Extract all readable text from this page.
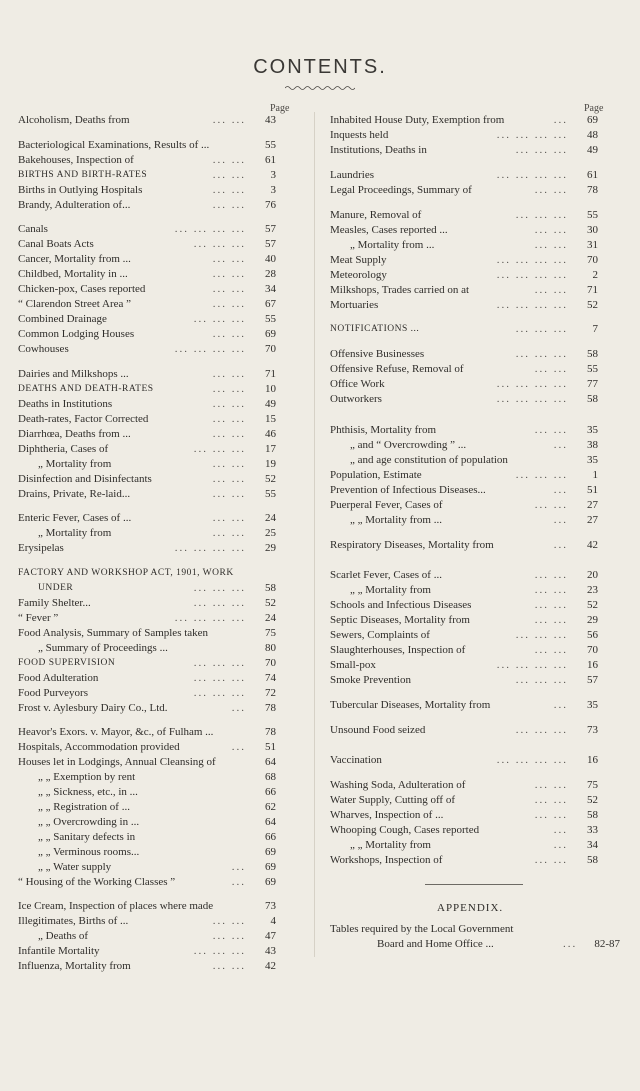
CONTENTS.
Page	Page
Alcoholism, Deaths from	... ... 43
Bacteriological Examinations, Results of ...	55
Bakehouses, Inspection of	... ... 61
BIRTHS AND BIRTH-RATES	... ... 3
Births in Outlying Hospitals	... ... 3
Brandy, Adulteration of...	... ... 76
Canals	... ... ... ... 57
Canal Boats Acts	... ... ... 57
Cancer, Mortality from ...	... ... 40
Childbed, Mortality in ...	... ... 28
Chicken-pox, Cases reported	... ... 34
“ Clarendon Street Area ”	... ... 67
Combined Drainage	... ... ... 55
Common Lodging Houses	... ... 69
Cowhouses	... ... ... ... 70
Dairies and Milkshops ...	... ... 71
DEATHS AND DEATH-RATES	... ... 10
Deaths in Institutions	... ... 49
Death-rates, Factor Corrected	... ... 15
Diarrhœa, Deaths from ...	... ... 46
Diphtheria, Cases of	... ... ... 17
„ Mortality from	... ... 19
Disinfection and Disinfectants	... ... 52
Drains, Private, Re-laid...	... ... 55
Enteric Fever, Cases of ...	... ... 24
„ Mortality from	... ... 25
Erysipelas	... ... ... ... 29
FACTORY AND WORKSHOP ACT, 1901, WORK
UNDER	... ... ... 58
Family Shelter...	... ... ... 52
“ Fever ”	... ... ... ... 24
Food Analysis, Summary of Samples taken	75
„ Summary of Proceedings ...	80
FOOD SUPERVISION	... ... ... 70
Food Adulteration	... ... ... 74
Food Purveyors	... ... ... 72
Frost v. Aylesbury Dairy Co., Ltd.	... 78
Heavor's Exors. v. Mayor, &c., of Fulham ...	78
Hospitals, Accommodation provided	... 51
Houses let in Lodgings, Annual Cleansing of	64
„ „ Exemption by rent	68
„ „ Sickness, etc., in ...	66
„ „ Registration of ...	62
„ „ Overcrowding in ...	64
„ „ Sanitary defects in	66
„ „ Verminous rooms...	69
„ „ Water supply	... 69
“ Housing of the Working Classes ”	... 69
Ice Cream, Inspection of places where made	73
Illegitimates, Births of ...	... ... 4
„ Deaths of	... ... 47
Infantile Mortality	... ... ... 43
Influenza, Mortality from	... ... 42
Inhabited House Duty, Exemption from	... 69
Inquests held	... ... ... ... 48
Institutions, Deaths in	... ... ... 49
Laundries	... ... ... ... 61
Legal Proceedings, Summary of	... ... 78
Manure, Removal of	... ... ... 55
Measles, Cases reported ...	... ... 30
„ Mortality from ...	... ... 31
Meat Supply	... ... ... ... 70
Meteorology	... ... ... ... 2
Milkshops, Trades carried on at	... ... 71
Mortuaries	... ... ... ... 52
NOTIFICATIONS ...	... ... ... 7
Offensive Businesses	... ... ... 58
Offensive Refuse, Removal of	... ... 55
Office Work	... ... ... ... 77
Outworkers	... ... ... ... 58
Phthisis, Mortality from	... ... 35
„ and “ Overcrowding ” ...	... 38
„ and age constitution of population	35
Population, Estimate	... ... ... 1
Prevention of Infectious Diseases...	... 51
Puerperal Fever, Cases of	... ... 27
„ „ Mortality from ...	... 27
Respiratory Diseases, Mortality from	... 42
Scarlet Fever, Cases of ...	... ... 20
„ „ Mortality from	... ... 23
Schools and Infectious Diseases	... ... 52
Septic Diseases, Mortality from	... ... 29
Sewers, Complaints of	... ... ... 56
Slaughterhouses, Inspection of	... ... 70
Small-pox	... ... ... ... 16
Smoke Prevention	... ... ... 57
Tubercular Diseases, Mortality from	... 35
Unsound Food seized	... ... ... 73
Vaccination	... ... ... ... 16
Washing Soda, Adulteration of	... ... 75
Water Supply, Cutting off of	... ... 52
Wharves, Inspection of ...	... ... 58
Whooping Cough, Cases reported	... 33
„ „ Mortality from	... 34
Workshops, Inspection of	... ... 58
APPENDIX.
Tables required by the Local Government
Board and Home Office ...	... 82-87
